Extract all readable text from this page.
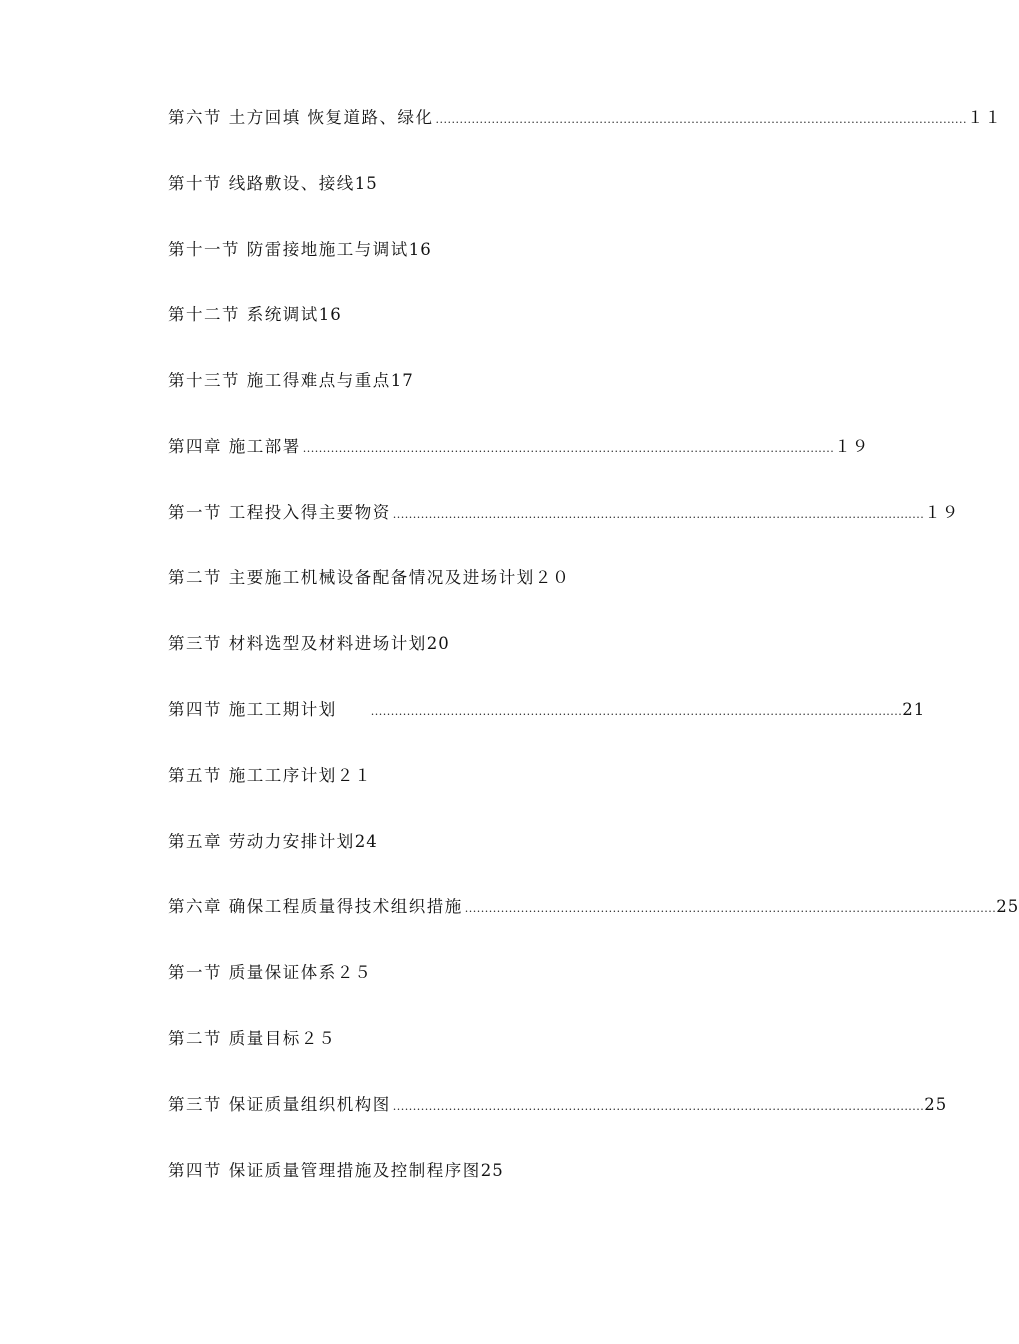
第六节 土方回填 恢复道路、绿化 ..................................................................................................................................... １１
第十节 线路敷设、接线 15
第十一节 防雷接地施工与调试 16
第十二节 系统调试 16
第十三节 施工得难点与重点 17
第四章 施工部署 ..................................................................................................................................... １９
第一节 工程投入得主要物资 ..................................................................................................................................... １９
第二节 主要施工机械设备配备情况及进场计划 ２０
第三节 材料选型及材料进场计划 20
第四节 施工工期计划	..................................................................................................................................... 21
第五节 施工工序计划 ２１
第五章 劳动力安排计划 24
第六章 确保工程质量得技术组织措施 ..................................................................................................................................... 25
第一节 质量保证体系 ２５
第二节 质量目标 ２５
第三节 保证质量组织机构图 ..................................................................................................................................... 25
第四节 保证质量管理措施及控制程序图 25
